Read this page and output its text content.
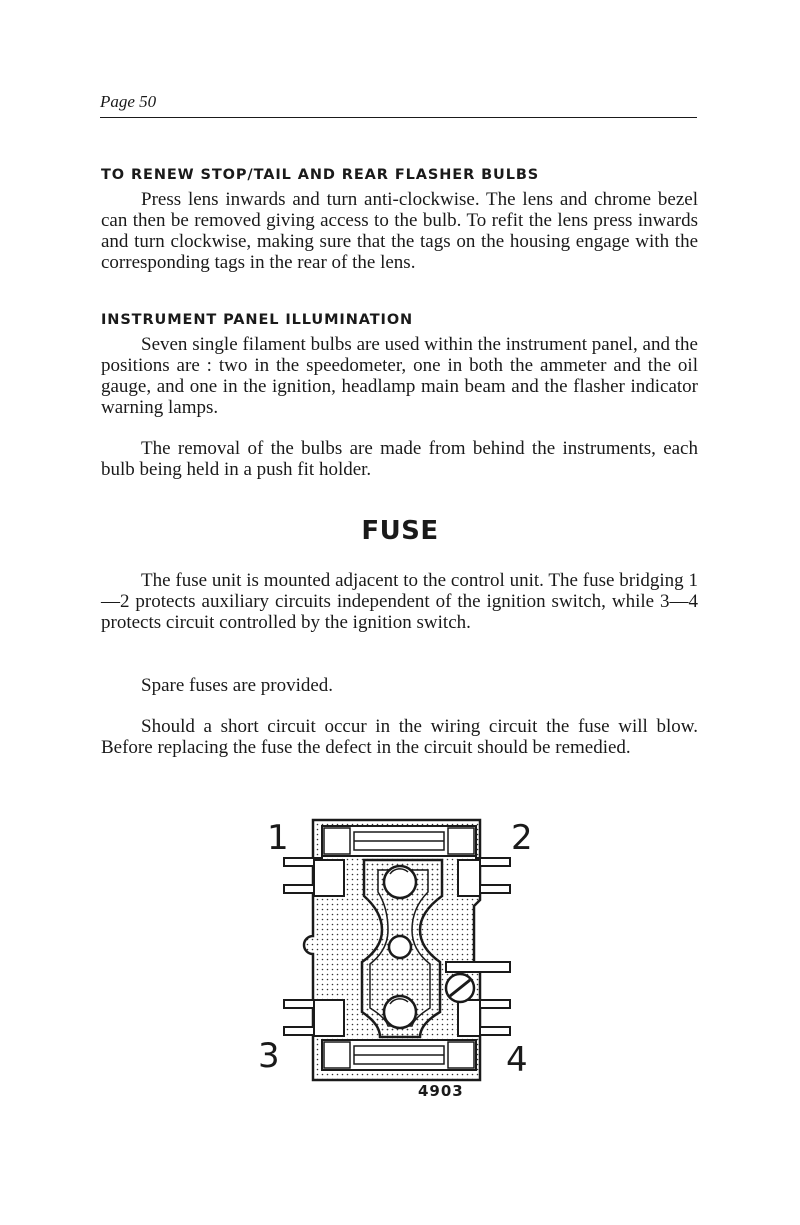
Page 50
TO RENEW STOP/TAIL AND REAR FLASHER BULBS
Press lens inwards and turn anti-clockwise. The lens and chrome bezel can then be removed giving access to the bulb. To refit the lens press inwards and turn clockwise, making sure that the tags on the housing engage with the corresponding tags in the rear of the lens.
INSTRUMENT PANEL ILLUMINATION
Seven single filament bulbs are used within the instrument panel, and the positions are : two in the speedometer, one in both the ammeter and the oil gauge, and one in the ignition, headlamp main beam and the flasher indicator warning lamps.
The removal of the bulbs are made from behind the instruments, each bulb being held in a push fit holder.
FUSE
The fuse unit is mounted adjacent to the control unit. The fuse bridging 1—2 protects auxiliary circuits independent of the ignition switch, while 3—4 protects circuit controlled by the ignition switch.
Spare fuses are provided.
Should a short circuit occur in the wiring circuit the fuse will blow. Before replacing the fuse the defect in the circuit should be remedied.
1	2
3	4
4903
